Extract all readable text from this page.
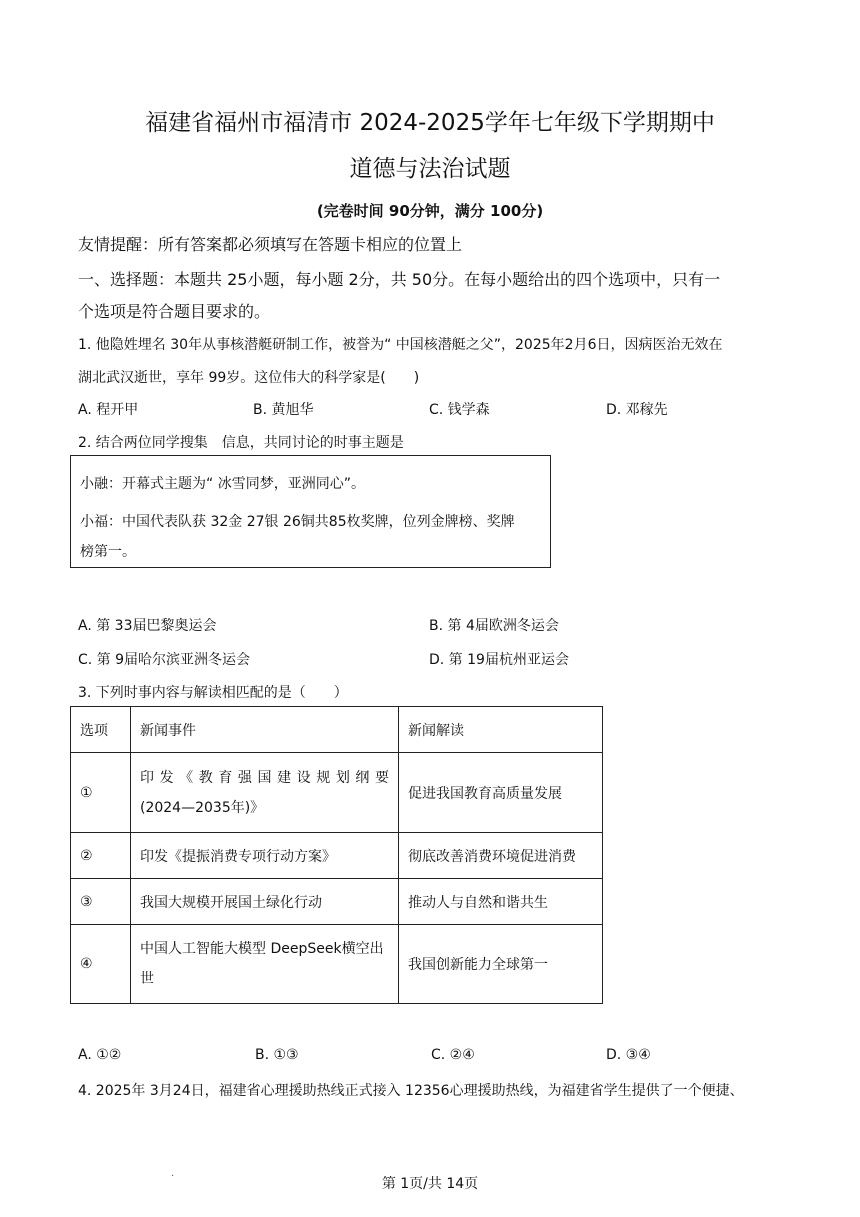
福建省福州市福清市 2024-2025学年七年级下学期期中
道德与法治试题
(完卷时间 90分钟，满分 100分)
友情提醒：所有答案都必须填写在答题卡相应的位置上
一、选择题：本题共 25小题，每小题 2分，共 50分。在每小题给出的四个选项中，只有一
个选项是符合题目要求的。
1. 他隐姓埋名 30年从事核潜艇研制工作，被誉为“ 中国核潜艇之父”，2025年2月6日，因病医治无效在
湖北武汉逝世，享年 99岁。这位伟大的科学家是(　　)
A. 程开甲	B. 黄旭华	C. 钱学森	D. 邓稼先
2. 结合两位同学搜集　信息，共同讨论的时事主题是
小融：开幕式主题为“ 冰雪同梦，亚洲同心”。
小福：中国代表队获 32金 27银 26铜共85枚奖牌，位列金牌榜、奖牌
榜第一。
A. 第 33届巴黎奥运会	B. 第 4届欧洲冬运会
C. 第 9届哈尔滨亚洲冬运会	D. 第 19届杭州亚运会
3. 下列时事内容与解读相匹配的是（　　）
选项	新闻事件	新闻解读
①	印发《教育强国建设规划纲要
(2024—2035年)》	促进我国教育高质量发展
②	印发《提振消费专项行动方案》	彻底改善消费环境促进消费
③	我国大规模开展国土绿化行动	推动人与自然和谐共生
④	中国人工智能大模型 DeepSeek横空出
世	我国创新能力全球第一
A. ①②	B. ①③	C. ②④	D. ③④
4. 2025年 3月24日，福建省心理援助热线正式接入 12356心理援助热线，为福建省学生提供了一个便捷、
.
第 1页/共 14页
